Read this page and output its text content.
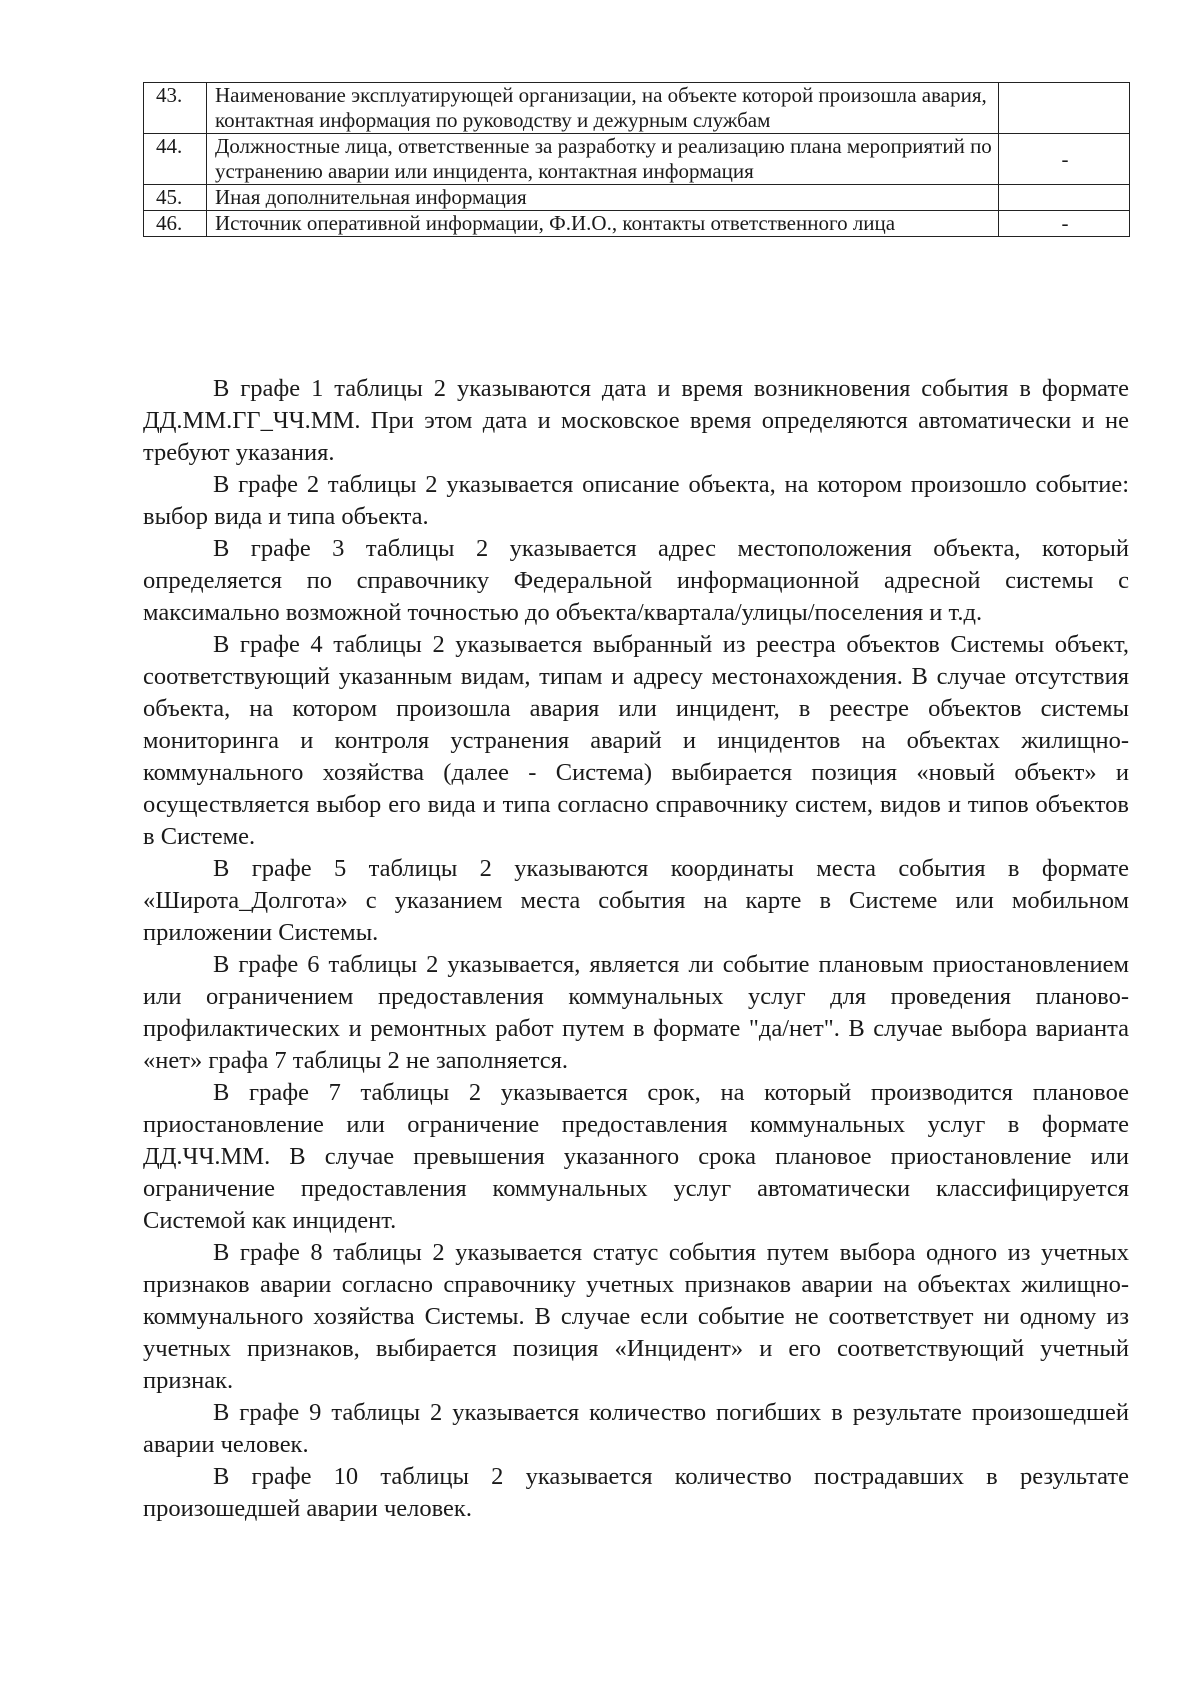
43.	Наименование эксплуатирующей организации, на объекте которой произошла авария, контактная информация по руководству и дежурным службам	
44.	Должностные лица, ответственные за разработку и реализацию плана мероприятий по устранению аварии или инцидента, контактная информация	-
45.	Иная дополнительная информация	
46.	Источник оперативной информации, Ф.И.О., контакты ответственного лица	-

В графе 1 таблицы 2 указываются дата и время возникновения события в формате ДД.ММ.ГГ_ЧЧ.ММ. При этом дата и московское время определяются автоматически и не требуют указания.

В графе 2 таблицы 2 указывается описание объекта, на котором произошло событие: выбор вида и типа объекта.

В графе 3 таблицы 2 указывается адрес местоположения объекта, который определяется по справочнику Федеральной информационной адресной системы с максимально возможной точностью до объекта/квартала/улицы/поселения и т.д.

В графе 4 таблицы 2 указывается выбранный из реестра объектов Системы объект, соответствующий указанным видам, типам и адресу местонахождения. В случае отсутствия объекта, на котором произошла авария или инцидент, в реестре объектов системы мониторинга и контроля устранения аварий и инцидентов на объектах жилищно-коммунального хозяйства (далее - Система) выбирается позиция «новый объект» и осуществляется выбор его вида и типа согласно справочнику систем, видов и типов объектов в Системе.

В графе 5 таблицы 2 указываются координаты места события в формате «Широта_Долгота» с указанием места события на карте в Системе или мобильном приложении Системы.

В графе 6 таблицы 2 указывается, является ли событие плановым приостановлением или ограничением предоставления коммунальных услуг для проведения планово-профилактических и ремонтных работ путем в формате "да/нет". В случае выбора варианта «нет» графа 7 таблицы 2 не заполняется.

В графе 7 таблицы 2 указывается срок, на который производится плановое приостановление или ограничение предоставления коммунальных услуг в формате ДД.ЧЧ.ММ. В случае превышения указанного срока плановое приостановление или ограничение предоставления коммунальных услуг автоматически классифицируется Системой как инцидент.

В графе 8 таблицы 2 указывается статус события путем выбора одного из учетных признаков аварии согласно справочнику учетных признаков аварии на объектах жилищно-коммунального хозяйства Системы. В случае если событие не соответствует ни одному из учетных признаков, выбирается позиция «Инцидент» и его соответствующий учетный признак.

В графе 9 таблицы 2 указывается количество погибших в результате произошедшей аварии человек.

В графе 10 таблицы 2 указывается количество пострадавших в результате произошедшей аварии человек.
